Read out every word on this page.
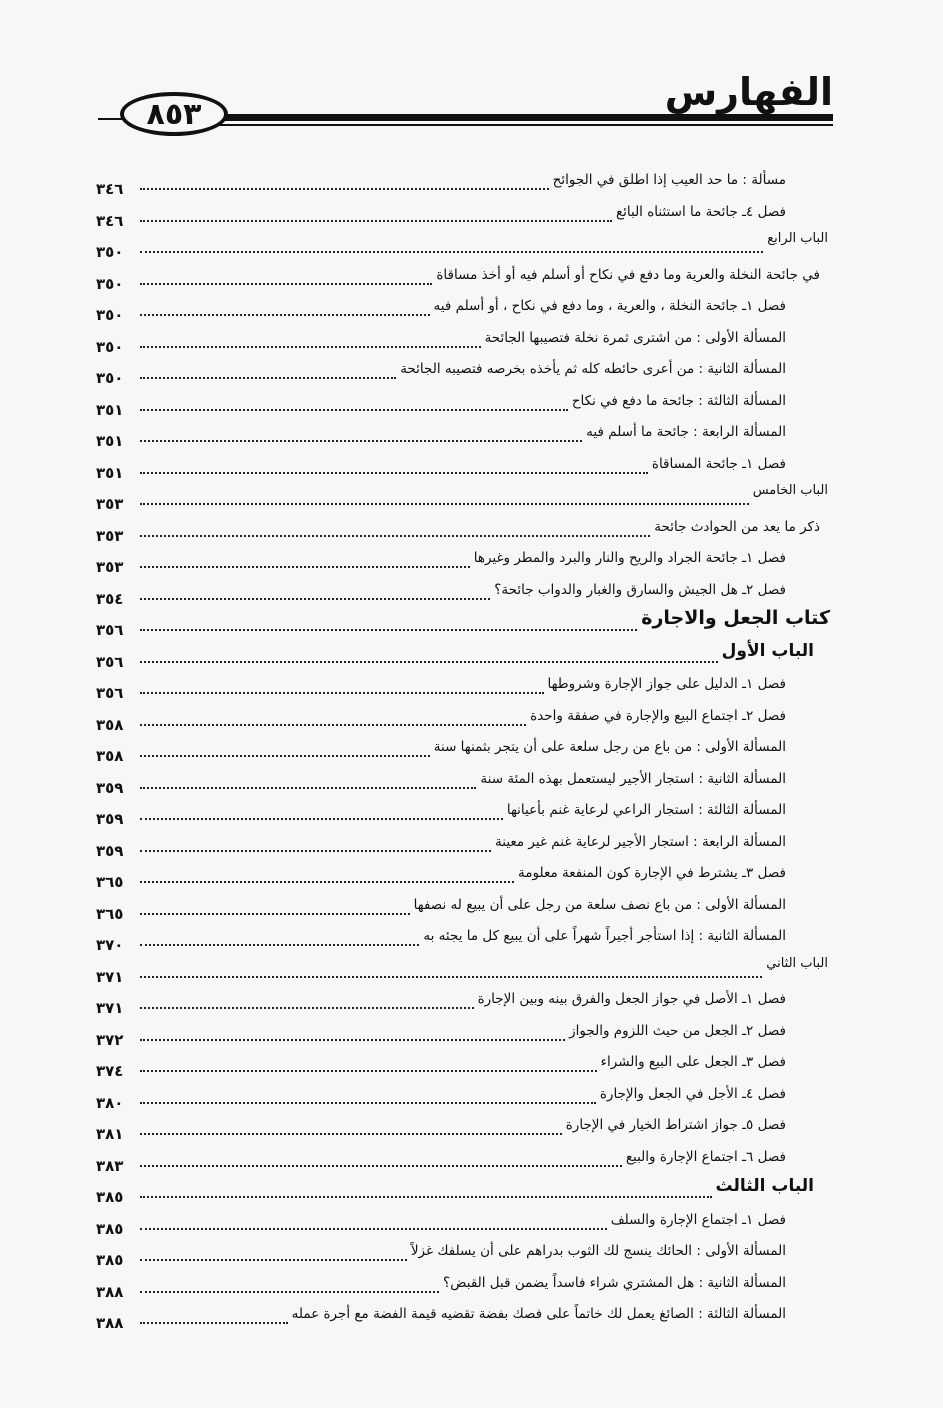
٨٥٣	الفهارس
مسألة : ما حد العيب إذا اطلق في الجوائح
٣٤٦
فصل ٤ـ جائحة ما استثناه البائع
٣٤٦
الباب الرابع
٣٥٠
في جائحة النخلة والعرية وما دفع في نكاح أو أسلم فيه أو أخذ مساقاة
٣٥٠
فصل ١ـ جائحة النخلة ، والعرية ، وما دفع في نكاح ، أو أسلم فيه
٣٥٠
المسألة الأولى : من اشترى ثمرة نخلة فتصيبها الجائحة
٣٥٠
المسألة الثانية : من أعرى حائطه كله ثم يأخذه بخرصه فتصيبه الجائحة
٣٥٠
المسألة الثالثة : جائحة ما دفع في نكاح
٣٥١
المسألة الرابعة : جائحة ما أسلم فيه
٣٥١
فصل ١ـ جائحة المساقاة
٣٥١
الباب الخامس
٣٥٣
ذكر ما يعد من الحوادث جائحة
٣٥٣
فصل ١ـ جائحة الجراد والريح والنار والبرد والمطر وغيرها
٣٥٣
فصل ٢ـ هل الجيش والسارق والغبار والدواب جائحة؟
٣٥٤
كتاب الجعل والاجارة
٣٥٦
الباب الأول
٣٥٦
فصل ١ـ الدليل على جواز الإجارة وشروطها
٣٥٦
فصل ٢ـ اجتماع البيع والإجارة في صفقة واحدة
٣٥٨
المسألة الأولى : من باع من رجل سلعة على أن يتجر بثمنها سنة
٣٥٨
المسألة الثانية : استجار الأجير ليستعمل بهذه المئة سنة
٣٥٩
المسألة الثالثة : استجار الراعي لرعاية غنم بأعيانها
٣٥٩
المسألة الرابعة : استجار الأجير لرعاية غنم غير معينة
٣٥٩
فصل ٣ـ يشترط في الإجارة كون المنفعة معلومة
٣٦٥
المسألة الأولى : من باع نصف سلعة من رجل على أن يبيع له نصفها
٣٦٥
المسألة الثانية : إذا استأجر أجيراً شهراً على أن يبيع كل ما يجئه به
٣٧٠
الباب الثاني
٣٧١
فصل ١ـ الأصل في جواز الجعل والفرق بينه وبين الإجارة
٣٧١
فصل ٢ـ الجعل من حيث اللزوم والجواز
٣٧٢
فصل ٣ـ الجعل على البيع والشراء
٣٧٤
فصل ٤ـ الأجل في الجعل والإجارة
٣٨٠
فصل ٥ـ جواز اشتراط الخيار في الإجارة
٣٨١
فصل ٦ـ اجتماع الإجارة والبيع
٣٨٣
الباب الثالث
٣٨٥
فصل ١ـ اجتماع الإجارة والسلف
٣٨٥
المسألة الأولى : الحائك ينسج لك الثوب بدراهم على أن يسلفك غزلاً
٣٨٥
المسألة الثانية : هل المشتري شراء فاسداً يضمن قبل القبض؟
٣٨٨
المسألة الثالثة : الصائغ يعمل لك خاتماً على فصك بفضة تقضيه قيمة الفضة مع أجرة عمله
٣٨٨
